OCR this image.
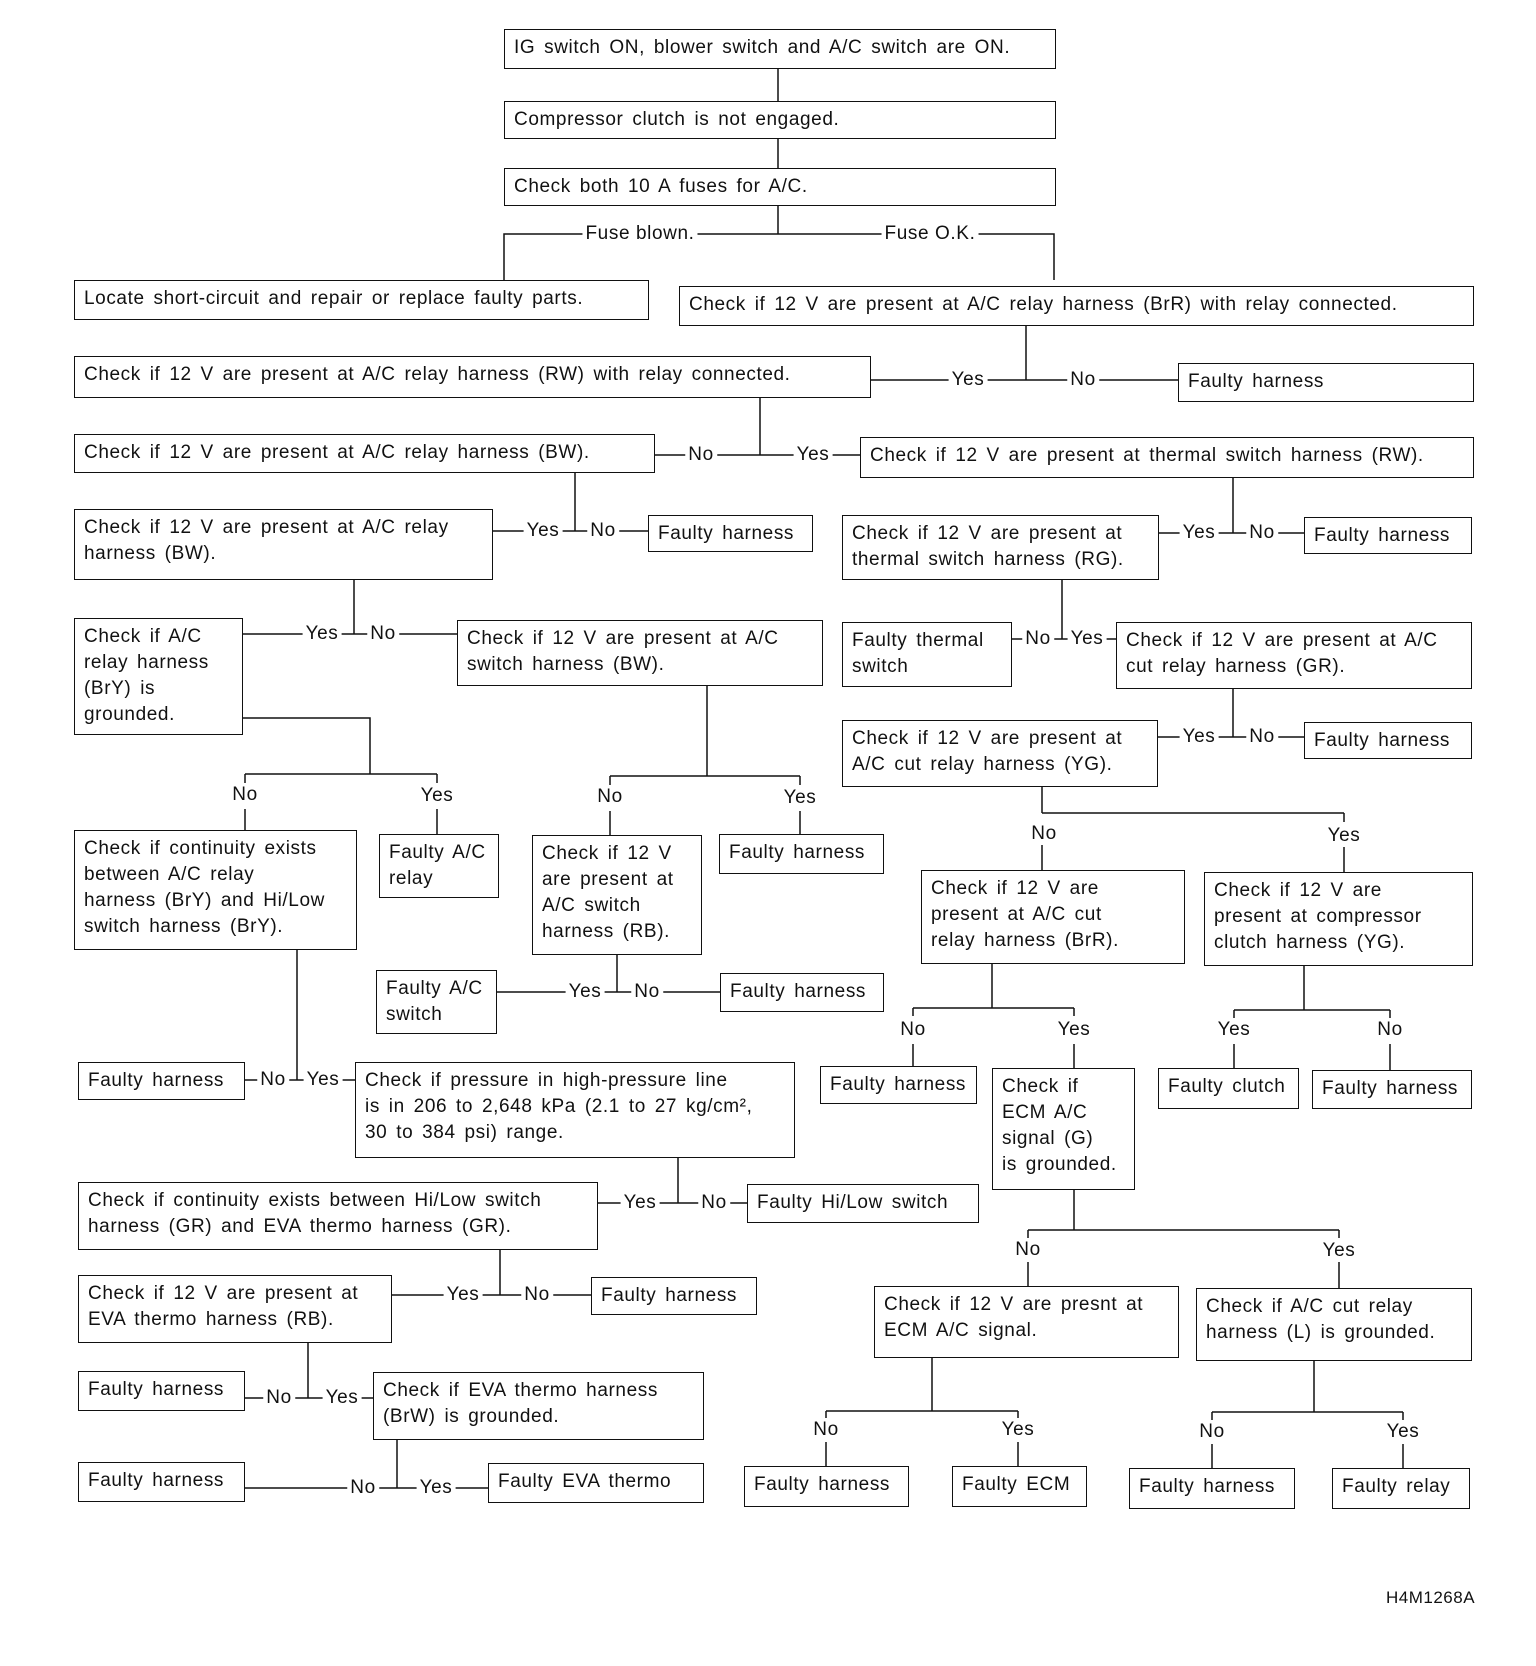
IG switch ON, blower switch and A/C switch are ON.
Compressor clutch is not engaged.
Check both 10 A fuses for A/C.
Locate short-circuit and repair or replace faulty parts.	Check if 12 V are present at A/C relay harness (BrR) with relay connected.
Check if 12 V are present at A/C relay harness (RW) with relay connected.	Faulty harness
Check if 12 V are present at A/C relay harness (BW).	Check if 12 V are present at thermal switch harness (RW).
Check if 12 V are present at A/C relay
harness (BW).
Faulty harness	Check if 12 V are present at
thermal switch harness (RG).
Faulty harness
Check if A/C
relay harness
(BrY) is
grounded.
Check if 12 V are present at A/C
switch harness (BW).
Faulty thermal
switch
Check if 12 V are present at A/C
cut relay harness (GR).
Check if 12 V are present at
A/C cut relay harness (YG).
Faulty harness
Check if continuity exists
between A/C relay
harness (BrY) and Hi/Low
switch harness (BrY).
Faulty A/C
relay
Check if 12 V
are present at
A/C switch
harness (RB).
Faulty harness
Check if 12 V are
present at A/C cut
relay harness (BrR).
Check if 12 V are
present at compressor
clutch harness (YG).
Faulty A/C
switch
Faulty harness
Faulty harness	Check if pressure in high-pressure line
is in 206 to 2,648 kPa (2.1 to 27 kg/cm²,
30 to 384 psi) range.
Faulty harness	Check if
ECM A/C
signal (G)
is grounded.
Faulty clutch	Faulty harness
Check if continuity exists between Hi/Low switch
harness (GR) and EVA thermo harness (GR).
Faulty Hi/Low switch
Check if 12 V are present at
EVA thermo harness (RB).
Faulty harness	Check if 12 V are presnt at
ECM A/C signal.
Check if A/C cut relay
harness (L) is grounded.
Faulty harness	Check if EVA thermo harness
(BrW) is grounded.
Faulty harness	Faulty EVA thermo	Faulty harness	Faulty ECM	Faulty harness	Faulty relay
Fuse blown.	Fuse O.K.
Yes	No
No	Yes
Yes No	Yes No
Yes No	No Yes
Yes No
No	Yes	No	Yes
No	Yes
Yes No
No	Yes	Yes	No
No Yes
Yes No
No	Yes
Yes No
No Yes
No	Yes	No	Yes
No Yes
H4M1268A
